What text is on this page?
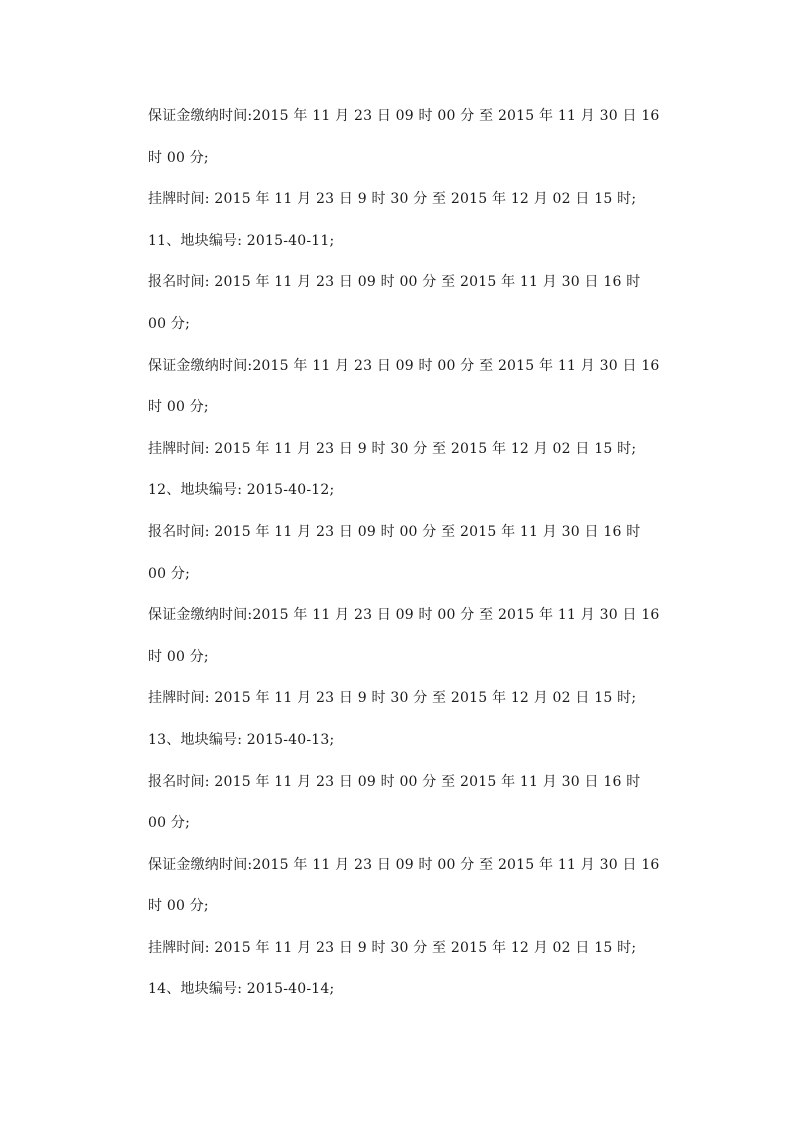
保证金缴纳时间:2015 年 11 月 23 日 09 时 00 分 至 2015 年 11 月 30 日 16

时 00 分;

挂牌时间: 2015 年 11 月 23 日 9 时 30 分 至 2015 年 12 月 02 日 15 时;

11、地块编号: 2015-40-11;

报名时间: 2015 年 11 月 23 日 09 时 00 分 至 2015 年 11 月 30 日 16 时

00 分;

保证金缴纳时间:2015 年 11 月 23 日 09 时 00 分 至 2015 年 11 月 30 日 16

时 00 分;

挂牌时间: 2015 年 11 月 23 日 9 时 30 分 至 2015 年 12 月 02 日 15 时;

12、地块编号: 2015-40-12;

报名时间: 2015 年 11 月 23 日 09 时 00 分 至 2015 年 11 月 30 日 16 时

00 分;

保证金缴纳时间:2015 年 11 月 23 日 09 时 00 分 至 2015 年 11 月 30 日 16

时 00 分;

挂牌时间: 2015 年 11 月 23 日 9 时 30 分 至 2015 年 12 月 02 日 15 时;

13、地块编号: 2015-40-13;

报名时间: 2015 年 11 月 23 日 09 时 00 分 至 2015 年 11 月 30 日 16 时

00 分;

保证金缴纳时间:2015 年 11 月 23 日 09 时 00 分 至 2015 年 11 月 30 日 16

时 00 分;

挂牌时间: 2015 年 11 月 23 日 9 时 30 分 至 2015 年 12 月 02 日 15 时;

14、地块编号: 2015-40-14;
